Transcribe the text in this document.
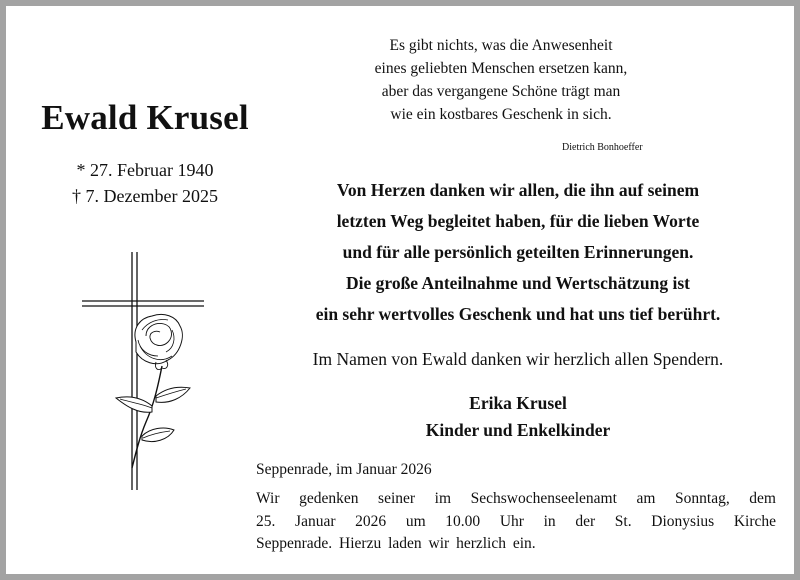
Es gibt nichts, was die Anwesenheit
eines geliebten Menschen ersetzen kann,
aber das vergangene Schöne trägt man
wie ein kostbares Geschenk in sich.
Dietrich Bonhoeffer
Ewald Krusel
* 27. Februar 1940
† 7. Dezember 2025	Von Herzen danken wir allen, die ihn auf seinem
letzten Weg begleitet haben, für die lieben Worte
und für alle persönlich geteilten Erinnerungen.
Die große Anteilnahme und Wertschätzung ist
ein sehr wertvolles Geschenk und hat uns tief berührt.
Im Namen von Ewald danken wir herzlich allen Spendern.
Erika Krusel
Kinder und Enkelkinder
Seppenrade, im Januar 2026
Wir gedenken seiner im Sechswochenseelenamt am Sonntag, dem
25. Januar 2026 um 10.00 Uhr in der St. Dionysius Kirche
Seppenrade. Hierzu laden wir herzlich ein.
